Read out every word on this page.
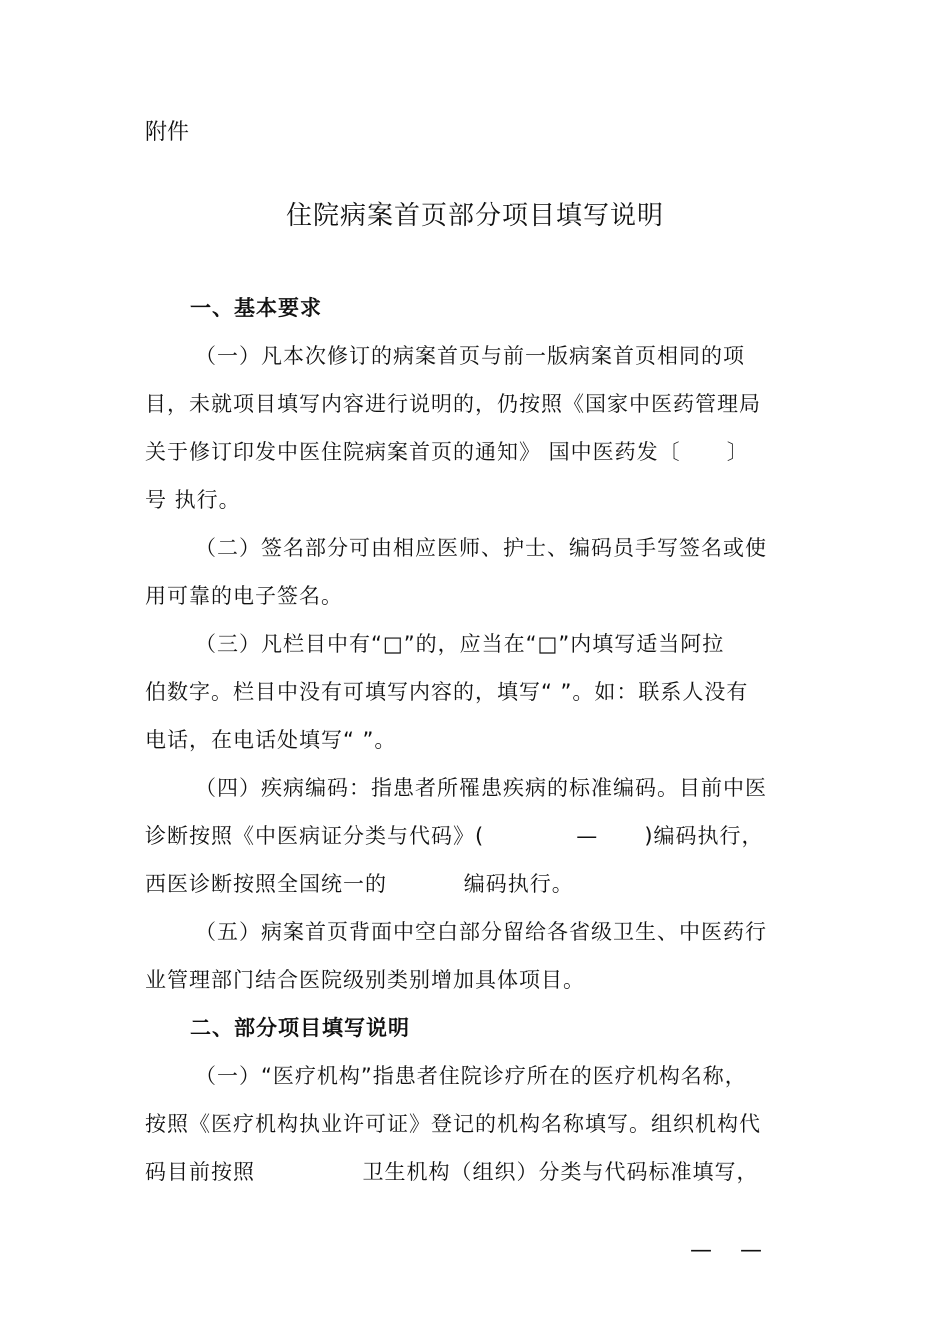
附件
住院病案首页部分项目填写说明
一、基本要求
（一）凡本次修订的病案首页与前一版病案首页相同的项
目，未就项目填写内容进行说明的，仍按照《国家中医药管理局
关于修订印发中医住院病案首页的通知》 国中医药发〔      〕
号 执行。
（二）签名部分可由相应医师、护士、编码员手写签名或使
用可靠的电子签名。
（三）凡栏目中有“□”的，应当在“□”内填写适当阿拉
伯数字。栏目中没有可填写内容的，填写“ ”。如：联系人没有
电话，在电话处填写“ ”。
（四）疾病编码：指患者所罹患疾病的标准编码。目前中医
诊断按照《中医病证分类与代码》(            —      )编码执行，
西医诊断按照全国统一的          编码执行。
（五）病案首页背面中空白部分留给各省级卫生、中医药行
业管理部门结合医院级别类别增加具体项目。
二、部分项目填写说明
（一）“医疗机构”指患者住院诊疗所在的医疗机构名称，
按照《医疗机构执业许可证》登记的机构名称填写。组织机构代
码目前按照              卫生机构（组织）分类与代码标准填写，
—    —
